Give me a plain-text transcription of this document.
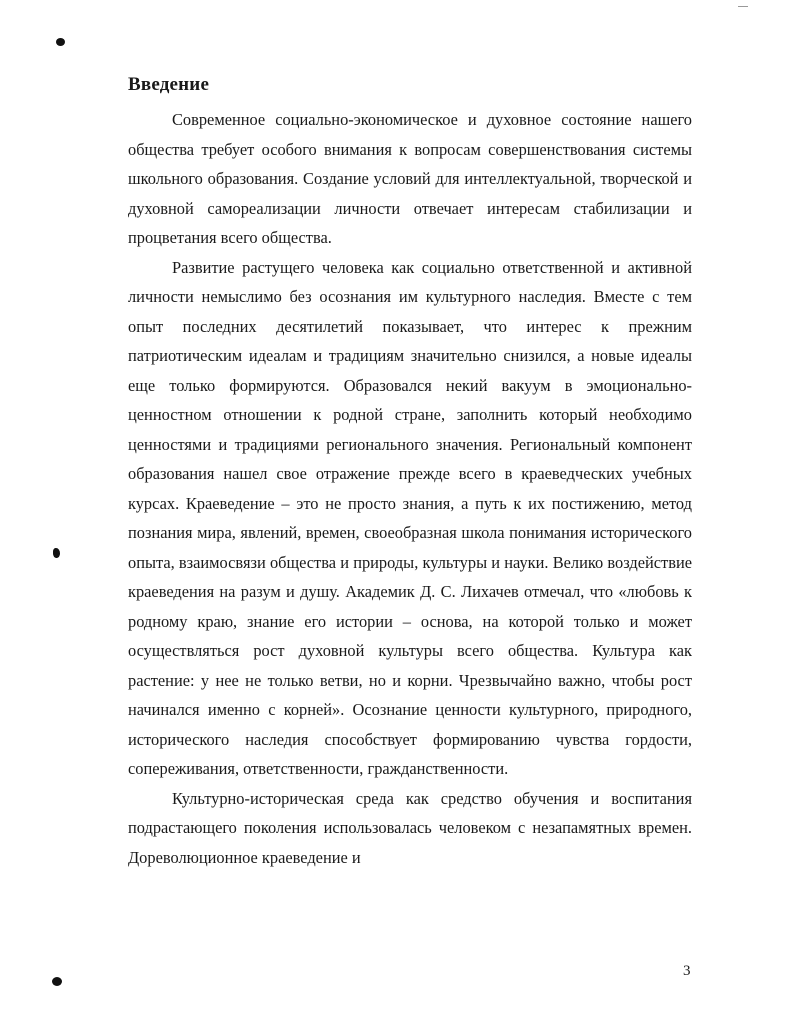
Введение

Современное социально-экономическое и духовное состояние нашего общества требует особого внимания к вопросам совершенствования системы школьного образования. Создание условий для интеллектуальной, творческой и духовной самореализации личности отвечает интересам стабилизации и процветания всего общества.

Развитие растущего человека как социально ответственной и активной личности немыслимо без осознания им культурного наследия. Вместе с тем опыт последних десятилетий показывает, что интерес к прежним патриотическим идеалам и традициям значительно снизился, а новые идеалы еще только формируются. Образовался некий вакуум в эмоционально-ценностном отношении к родной стране, заполнить который необходимо ценностями и традициями регионального значения. Региональный компонент образования нашел свое отражение прежде всего в краеведческих учебных курсах. Краеведение – это не просто знания, а путь к их постижению, метод познания мира, явлений, времен, своеобразная школа понимания исторического опыта, взаимосвязи общества и природы, культуры и науки. Велико воздействие краеведения на разум и душу. Академик Д. С. Лихачев отмечал, что «любовь к родному краю, знание его истории – основа, на которой только и может осуществляться рост духовной культуры всего общества. Культура как растение: у нее не только ветви, но и корни. Чрезвычайно важно, чтобы рост начинался именно с корней». Осознание ценности культурного, природного, исторического наследия способствует формированию чувства гордости, сопереживания, ответственности, гражданственности.

Культурно-историческая среда как средство обучения и воспитания подрастающего поколения использовалась человеком с незапамятных времен. Дореволюционное краеведение и

3
